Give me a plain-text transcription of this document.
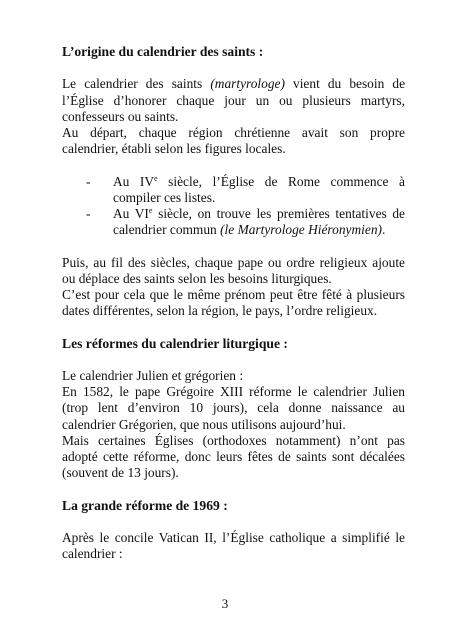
L’origine du calendrier des saints :

Le calendrier des saints (martyrologe) vient du besoin de l’Église d’honorer chaque jour un ou plusieurs martyrs, confesseurs ou saints.

Au départ, chaque région chrétienne avait son propre calendrier, établi selon les figures locales.

- Au IVe siècle, l’Église de Rome commence à compiler ces listes.
- Au VIe siècle, on trouve les premières tentatives de calendrier commun (le Martyrologe Hiéronymien).

Puis, au fil des siècles, chaque pape ou ordre religieux ajoute ou déplace des saints selon les besoins liturgiques.

C’est pour cela que le même prénom peut être fêté à plusieurs dates différentes, selon la région, le pays, l’ordre religieux.

Les réformes du calendrier liturgique :

Le calendrier Julien et grégorien :

En 1582, le pape Grégoire XIII réforme le calendrier Julien (trop lent d’environ 10 jours), cela donne naissance au calendrier Grégorien, que nous utilisons aujourd’hui.

Mais certaines Églises (orthodoxes notamment) n’ont pas adopté cette réforme, donc leurs fêtes de saints sont décalées (souvent de 13 jours).

La grande réforme de 1969 :

Après le concile Vatican II, l’Église catholique a simplifié le calendrier :

3
